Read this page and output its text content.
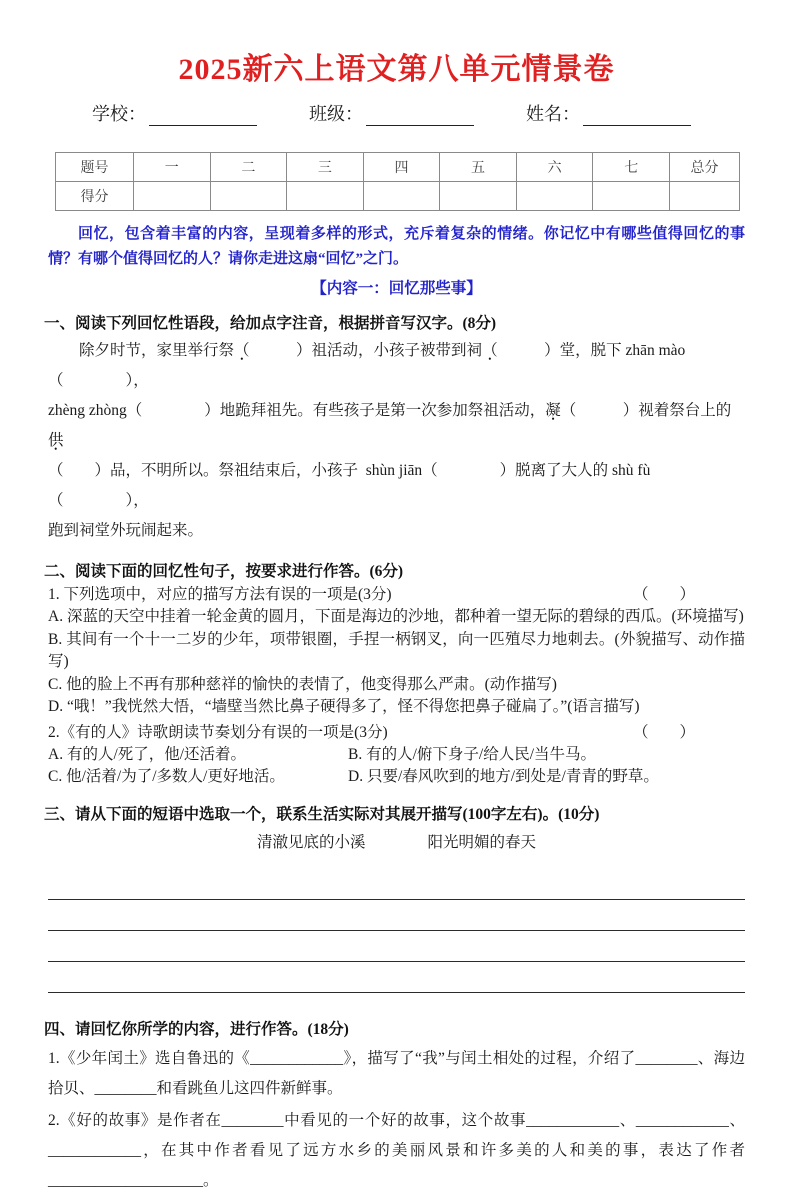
2025新六上语文第八单元情景卷
学校：	班级：	姓名：
题号	一	二	三	四	五	六	七	总分
得分								

回忆，包含着丰富的内容，呈现着多样的形式，充斥着复杂的情绪。你记忆中有哪些值得回忆的事情？有哪个值得回忆的人？请你走进这扇“回忆”之门。

【内容一：回忆那些事】
一、阅读下列回忆性语段，给加点字注音，根据拼音写汉字。(8分)
除夕时节，家里举行祭（　　　）祖活动，小孩子被带到祠（　　　）堂，脱下 zhān mào（　　　　），
zhèng zhòng（　　　　）地跪拜祖先。有些孩子是第一次参加祭祖活动，凝（　　　）视着祭台上的供
（　　）品，不明所以。祭祖结束后，小孩子  shùn jiān（　　　　）脱离了大人的 shù fù（　　　　），
跑到祠堂外玩闹起来。
二、阅读下面的回忆性句子，按要求进行作答。(6分)
1. 下列选项中，对应的描写方法有误的一项是(3分)	（　　）
A. 深蓝的天空中挂着一轮金黄的圆月，下面是海边的沙地，都种着一望无际的碧绿的西瓜。(环境描写)
B. 其间有一个十一二岁的少年，项带银圈，手捏一柄钢叉，向一匹殖尽力地刺去。(外貌描写、动作描写)
C. 他的脸上不再有那种慈祥的愉快的表情了，他变得那么严肃。(动作描写)
D. “哦！”我恍然大悟，“墙壁当然比鼻子硬得多了，怪不得您把鼻子碰扁了。”(语言描写)
2.《有的人》诗歌朗读节奏划分有误的一项是(3分)	（　　）
A. 有的人/死了，他/还活着。	B. 有的人/俯下身子/给人民/当牛马。
C. 他/活着/为了/多数人/更好地活。	D. 只要/春风吹到的地方/到处是/青青的野草。
三、请从下面的短语中选取一个，联系生活实际对其展开描写(100字左右)。(10分)
清澈见底的小溪	阳光明媚的春天
四、请回忆你所学的内容，进行作答。(18分)

1.《少年闰土》选自鲁迅的《____________》，描写了“我”与闰土相处的过程，介绍了________、海边拾贝、________和看跳鱼儿这四件新鲜事。

2.《好的故事》是作者在________中看见的一个好的故事，这个故事____________、____________、____________，在其中作者看见了远方水乡的美丽风景和许多美的人和美的事，表达了作者____________________。
